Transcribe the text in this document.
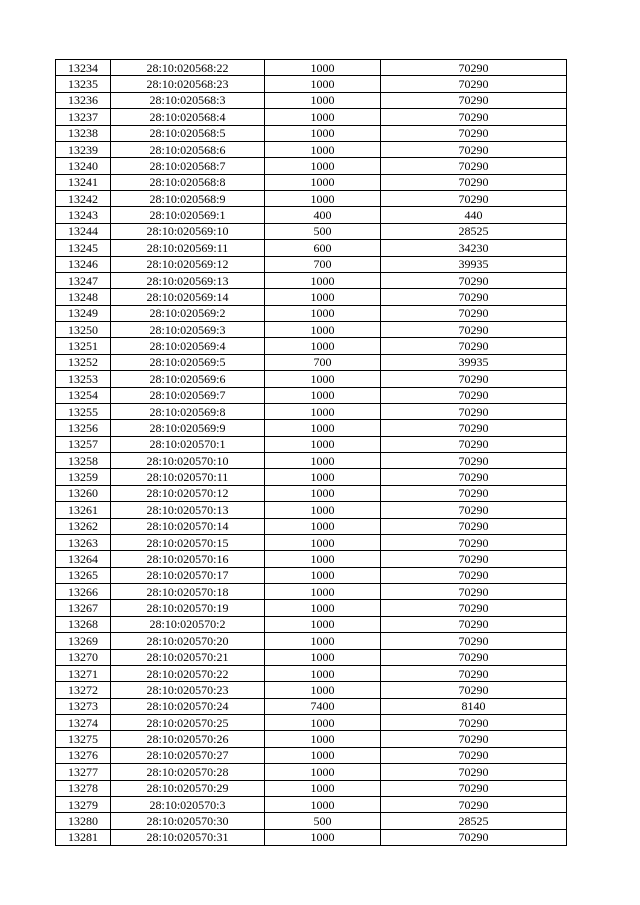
13234	28:10:020568:22	1000	70290
13235	28:10:020568:23	1000	70290
13236	28:10:020568:3	1000	70290
13237	28:10:020568:4	1000	70290
13238	28:10:020568:5	1000	70290
13239	28:10:020568:6	1000	70290
13240	28:10:020568:7	1000	70290
13241	28:10:020568:8	1000	70290
13242	28:10:020568:9	1000	70290
13243	28:10:020569:1	400	440
13244	28:10:020569:10	500	28525
13245	28:10:020569:11	600	34230
13246	28:10:020569:12	700	39935
13247	28:10:020569:13	1000	70290
13248	28:10:020569:14	1000	70290
13249	28:10:020569:2	1000	70290
13250	28:10:020569:3	1000	70290
13251	28:10:020569:4	1000	70290
13252	28:10:020569:5	700	39935
13253	28:10:020569:6	1000	70290
13254	28:10:020569:7	1000	70290
13255	28:10:020569:8	1000	70290
13256	28:10:020569:9	1000	70290
13257	28:10:020570:1	1000	70290
13258	28:10:020570:10	1000	70290
13259	28:10:020570:11	1000	70290
13260	28:10:020570:12	1000	70290
13261	28:10:020570:13	1000	70290
13262	28:10:020570:14	1000	70290
13263	28:10:020570:15	1000	70290
13264	28:10:020570:16	1000	70290
13265	28:10:020570:17	1000	70290
13266	28:10:020570:18	1000	70290
13267	28:10:020570:19	1000	70290
13268	28:10:020570:2	1000	70290
13269	28:10:020570:20	1000	70290
13270	28:10:020570:21	1000	70290
13271	28:10:020570:22	1000	70290
13272	28:10:020570:23	1000	70290
13273	28:10:020570:24	7400	8140
13274	28:10:020570:25	1000	70290
13275	28:10:020570:26	1000	70290
13276	28:10:020570:27	1000	70290
13277	28:10:020570:28	1000	70290
13278	28:10:020570:29	1000	70290
13279	28:10:020570:3	1000	70290
13280	28:10:020570:30	500	28525
13281	28:10:020570:31	1000	70290
